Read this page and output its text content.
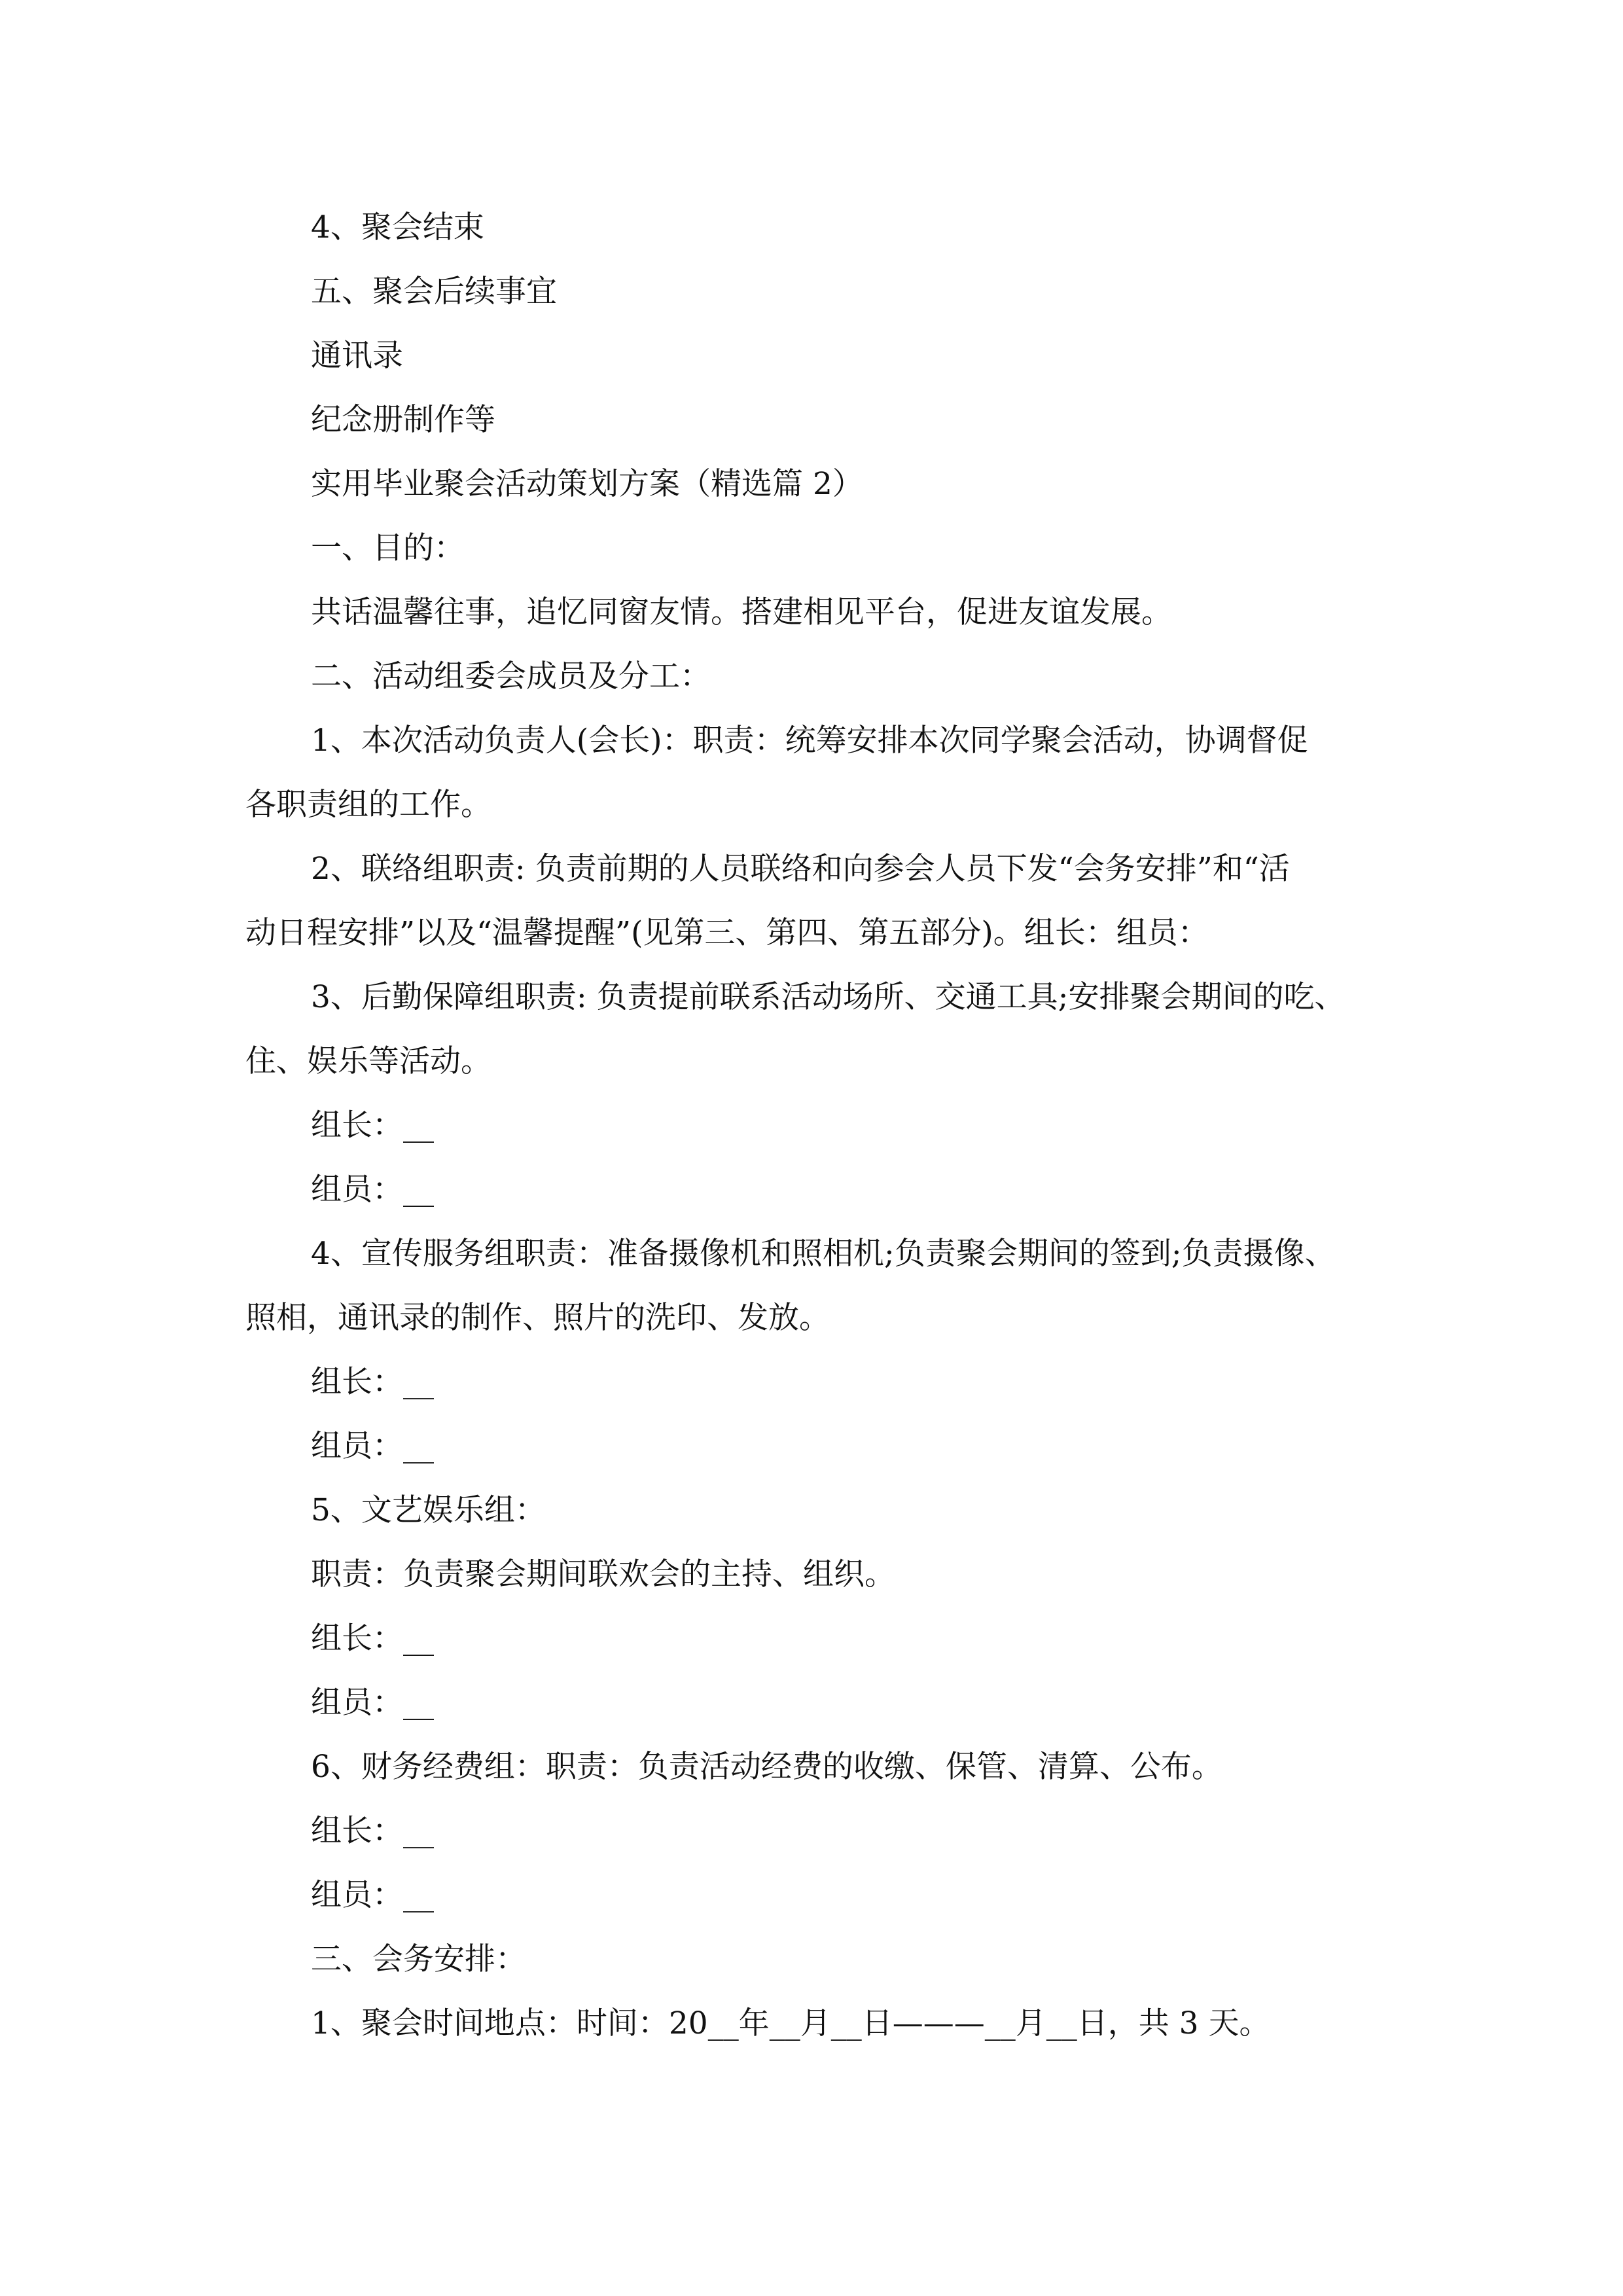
4、聚会结束
五、聚会后续事宜
通讯录
纪念册制作等
实用毕业聚会活动策划方案（精选篇 2）
一、目的：
共话温馨往事，追忆同窗友情。搭建相见平台，促进友谊发展。
二、活动组委会成员及分工：
1、本次活动负责人(会长)：职责：统筹安排本次同学聚会活动，协调督促
各职责组的工作。
2、联络组职责: 负责前期的人员联络和向参会人员下发“会务安排”和“活
动日程安排”以及“温馨提醒”(见第三、第四、第五部分)。组长：组员：
3、后勤保障组职责: 负责提前联系活动场所、交通工具;安排聚会期间的吃、
住、娱乐等活动。
组长：__
组员：__
4、宣传服务组职责：准备摄像机和照相机;负责聚会期间的签到;负责摄像、
照相，通讯录的制作、照片的洗印、发放。
组长：__
组员：__
5、文艺娱乐组：
职责：负责聚会期间联欢会的主持、组织。
组长：__
组员：__
6、财务经费组：职责：负责活动经费的收缴、保管、清算、公布。
组长：__
组员：__
三、会务安排：
1、聚会时间地点：时间：20__年__月__日———__月__日，共 3 天。
